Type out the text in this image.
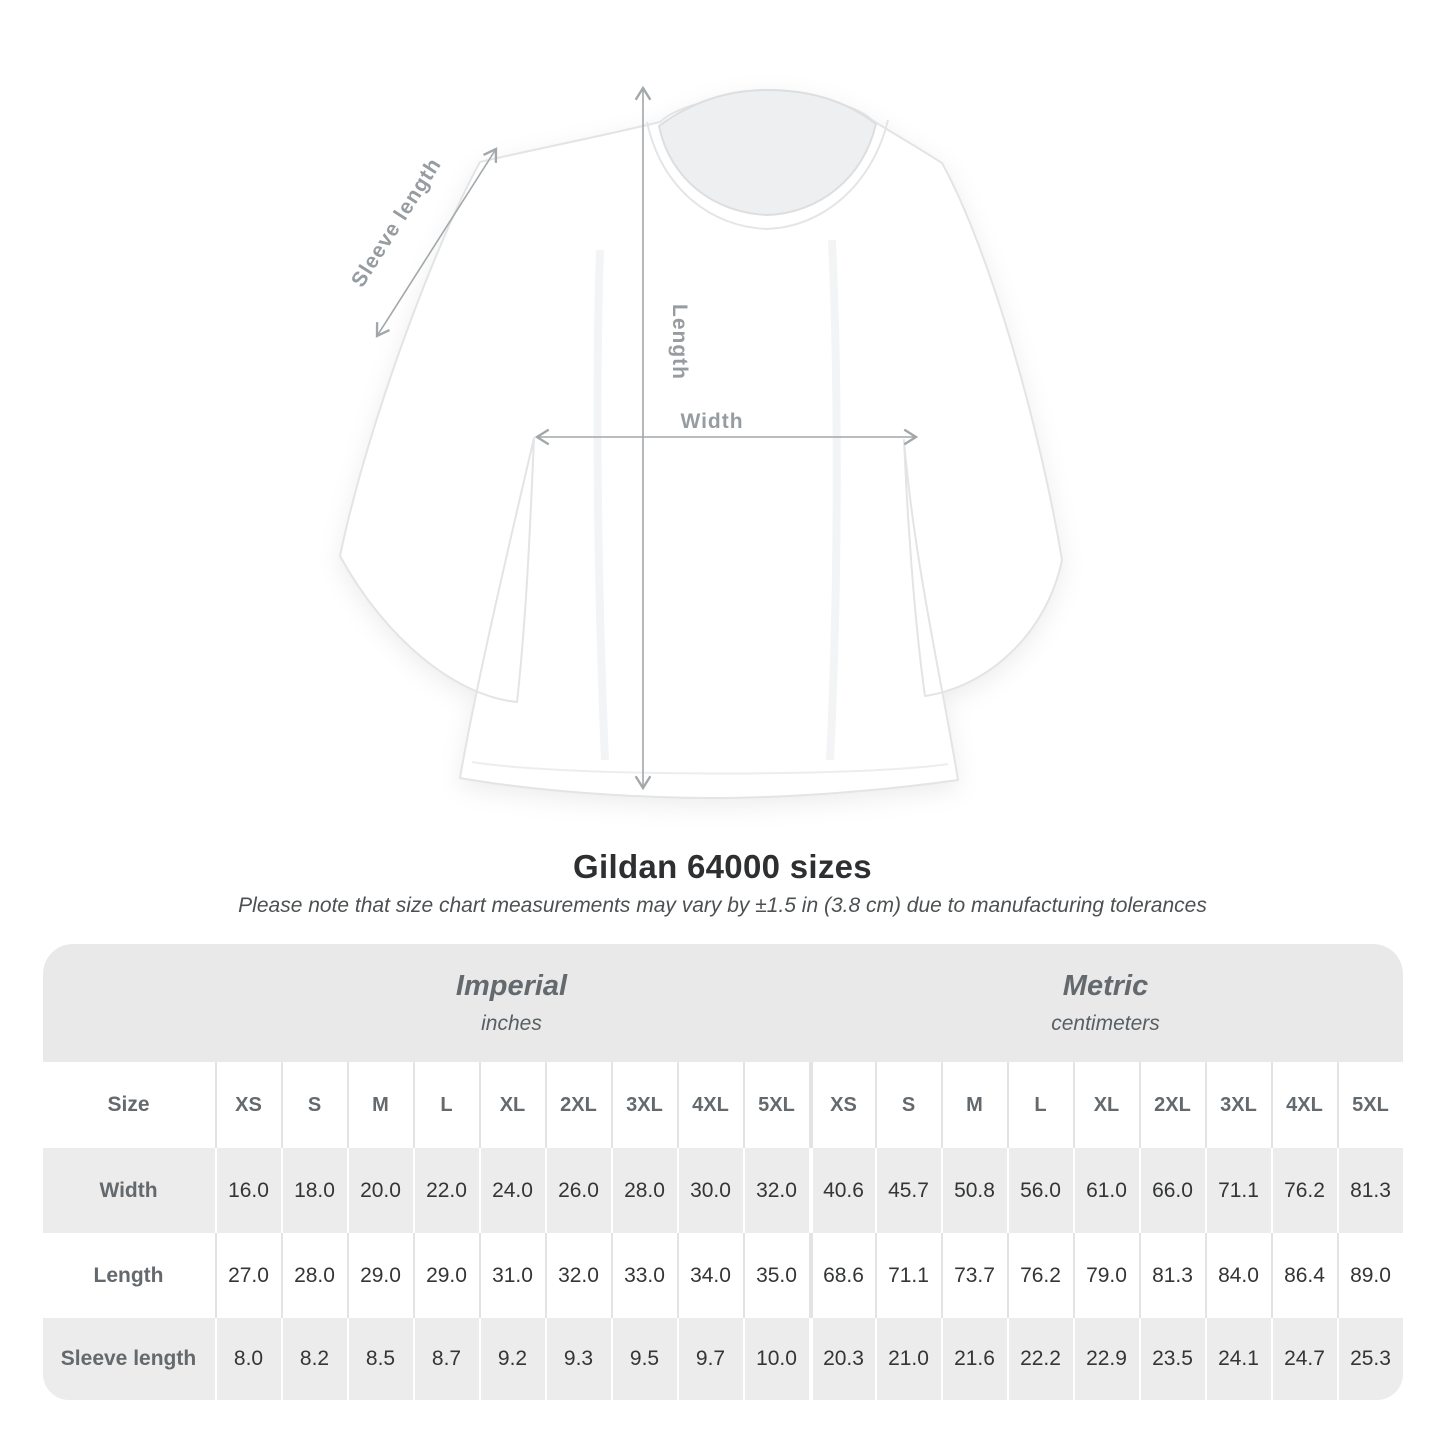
Length
Width
Sleeve length
Gildan 64000 sizes

Please note that size chart measurements may vary by ±1.5 in (3.8 cm) due to manufacturing tolerances

Imperial
inches
Metric
centimeters
Size	XS	S	M	L	XL	2XL	3XL	4XL	5XL	XS	S	M	L	XL	2XL	3XL	4XL	5XL
Width	16.0	18.0	20.0	22.0	24.0	26.0	28.0	30.0	32.0	40.6	45.7	50.8	56.0	61.0	66.0	71.1	76.2	81.3
Length	27.0	28.0	29.0	29.0	31.0	32.0	33.0	34.0	35.0	68.6	71.1	73.7	76.2	79.0	81.3	84.0	86.4	89.0
Sleeve length	8.0	8.2	8.5	8.7	9.2	9.3	9.5	9.7	10.0	20.3	21.0	21.6	22.2	22.9	23.5	24.1	24.7	25.3
